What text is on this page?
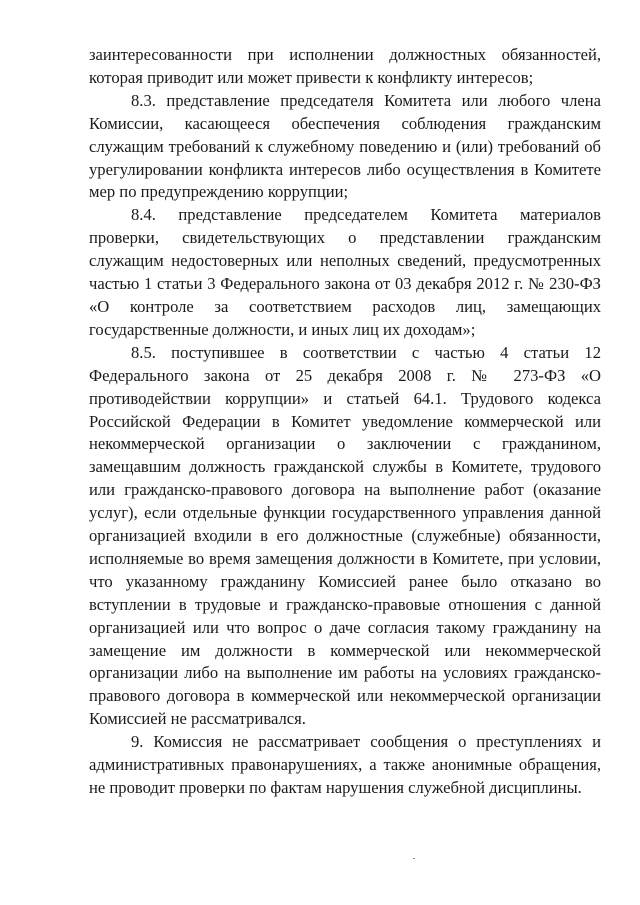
заинтересованности при исполнении должностных обязанностей, которая приводит или может привести к конфликту интересов;

8.3. представление председателя Комитета или любого члена Комиссии, касающееся обеспечения соблюдения гражданским служащим требований к служебному поведению и (или) требований об урегулировании конфликта интересов либо осуществления в Комитете мер по предупреждению коррупции;

8.4. представление председателем Комитета материалов проверки, свидетельствующих о представлении гражданским служащим недостоверных или неполных сведений, предусмотренных частью 1 статьи 3 Федерального закона от 03 декабря 2012 г. № 230-ФЗ «О контроле за соответствием расходов лиц, замещающих государственные должности, и иных лиц их доходам»;

8.5. поступившее в соответствии с частью 4 статьи 12 Федерального закона от 25 декабря 2008 г. № 273-ФЗ «О противодействии коррупции» и статьей 64.1. Трудового кодекса Российской Федерации в Комитет уведомление коммерческой или некоммерческой организации о заключении с гражданином, замещавшим должность гражданской службы в Комитете, трудового или гражданско-правового договора на выполнение работ (оказание услуг), если отдельные функции государственного управления данной организацией входили в его должностные (служебные) обязанности, исполняемые во время замещения должности в Комитете, при условии, что указанному гражданину Комиссией ранее было отказано во вступлении в трудовые и гражданско-правовые отношения с данной организацией или что вопрос о даче согласия такому гражданину на замещение им должности в коммерческой или некоммерческой организации либо на выполнение им работы на условиях гражданско-правового договора в коммерческой или некоммерческой организации Комиссией не рассматривался.

9. Комиссия не рассматривает сообщения о преступлениях и административных правонарушениях, а также анонимные обращения, не проводит проверки по фактам нарушения служебной дисциплины.
